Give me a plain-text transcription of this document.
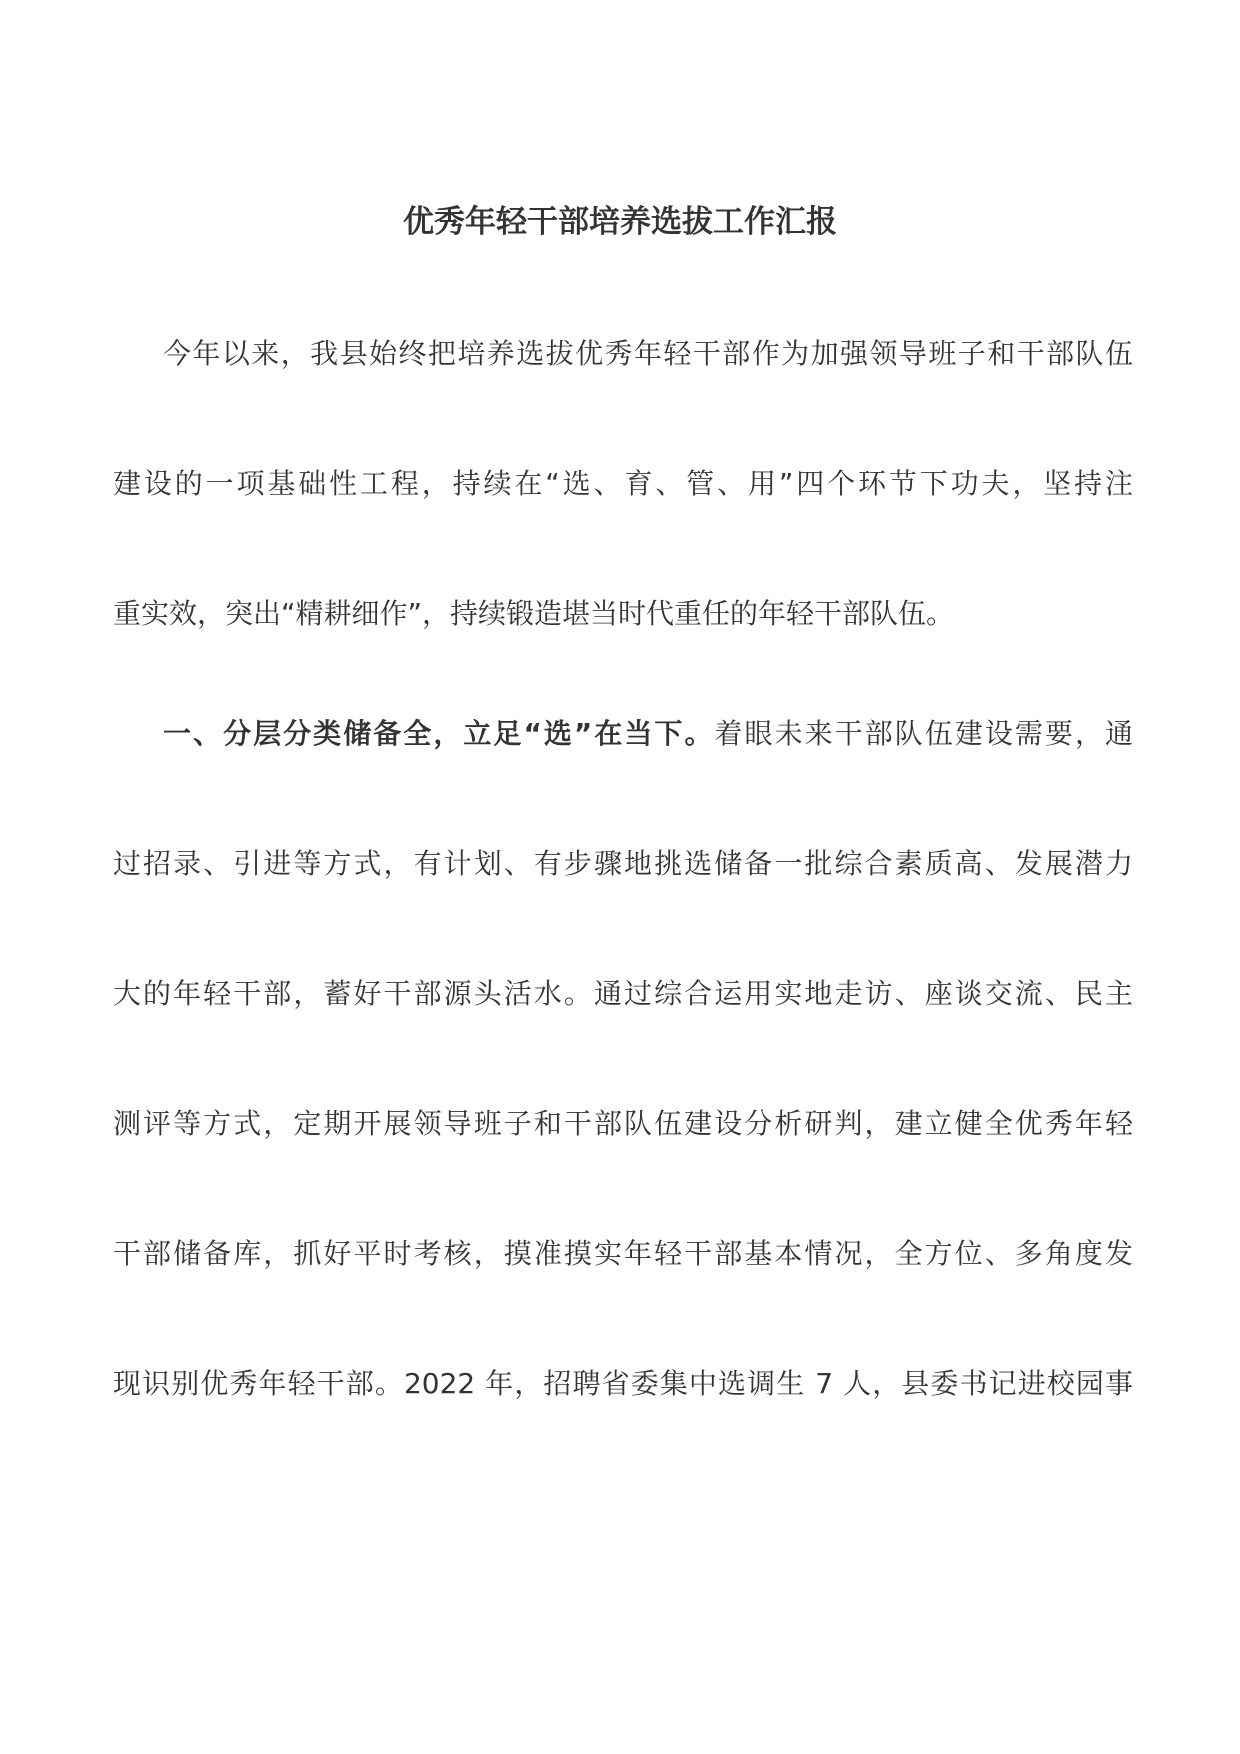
优秀年轻干部培养选拔工作汇报
今年以来，我县始终把培养选拔优秀年轻干部作为加强领导班子和干部队伍
建设的一项基础性工程，持续在“选、育、管、用”四个环节下功夫，坚持注
重实效，突出“精耕细作”，持续锻造堪当时代重任的年轻干部队伍。
一、分层分类储备全，立足“选”在当下。着眼未来干部队伍建设需要，通
过招录、引进等方式，有计划、有步骤地挑选储备一批综合素质高、发展潜力
大的年轻干部，蓄好干部源头活水。通过综合运用实地走访、座谈交流、民主
测评等方式，定期开展领导班子和干部队伍建设分析研判，建立健全优秀年轻
干部储备库，抓好平时考核，摸准摸实年轻干部基本情况，全方位、多角度发
现识别优秀年轻干部。2022 年，招聘省委集中选调生 7 人，县委书记进校园事
